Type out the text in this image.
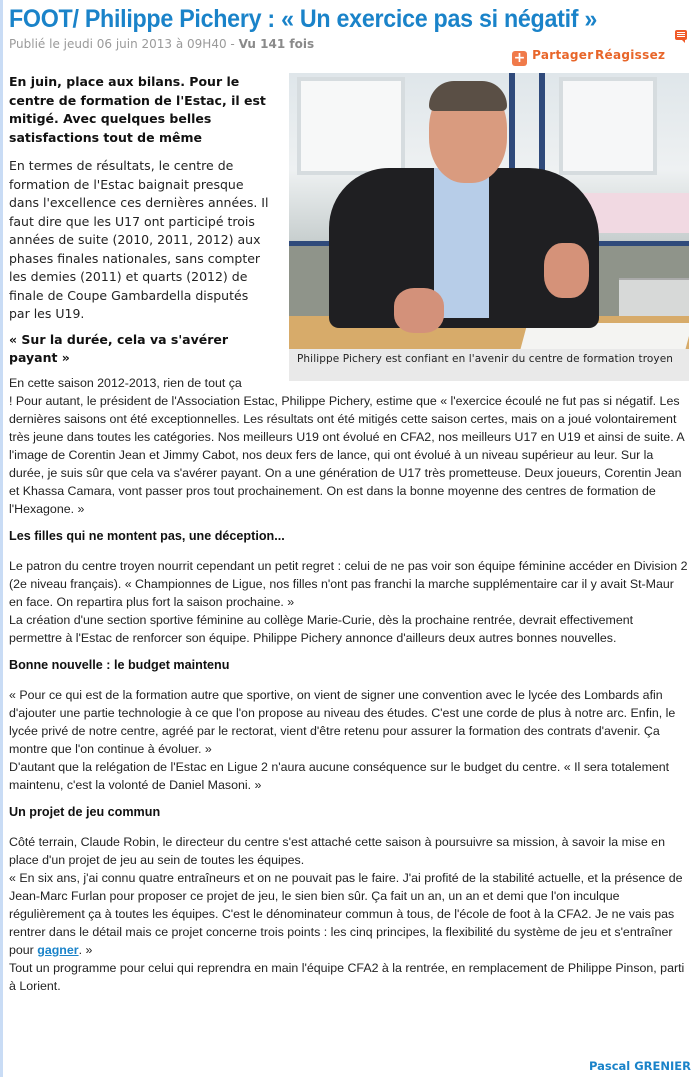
FOOT/ Philippe Pichery : « Un exercice pas si négatif »
Publié le jeudi 06 juin 2013 à 09H40 - Vu 141 fois
+ Partager Réagissez
Philippe Pichery est confiant en l'avenir du centre de formation troyen

En juin, place aux bilans. Pour le centre de formation de l'Estac, il est mitigé. Avec quelques belles satisfactions tout de même

En termes de résultats, le centre de formation de l'Estac baignait presque dans l'excellence ces dernières années. Il faut dire que les U17 ont participé trois années de suite (2010, 2011, 2012) aux phases finales nationales, sans compter les demies (2011) et quarts (2012) de finale de Coupe Gambardella disputés par les U19.

« Sur la durée, cela va s'avérer payant »

En cette saison 2012-2013, rien de tout ça

! Pour autant, le président de l'Association Estac, Philippe Pichery, estime que « l'exercice écoulé ne fut pas si négatif. Les dernières saisons ont été exceptionnelles. Les résultats ont été mitigés cette saison certes, mais on a joué volontairement très jeune dans toutes les catégories. Nos meilleurs U19 ont évolué en CFA2, nos meilleurs U17 en U19 et ainsi de suite. A l'image de Corentin Jean et Jimmy Cabot, nos deux fers de lance, qui ont évolué à un niveau supérieur au leur. Sur la durée, je suis sûr que cela va s'avérer payant. On a une génération de U17 très prometteuse. Deux joueurs, Corentin Jean et Khassa Camara, vont passer pros tout prochainement. On est dans la bonne moyenne des centres de formation de l'Hexagone. »

Les filles qui ne montent pas, une déception...

Le patron du centre troyen nourrit cependant un petit regret : celui de ne pas voir son équipe féminine accéder en Division 2 (2e niveau français). « Championnes de Ligue, nos filles n'ont pas franchi la marche supplémentaire car il y avait St-Maur en face. On repartira plus fort la saison prochaine. »

La création d'une section sportive féminine au collège Marie-Curie, dès la prochaine rentrée, devrait effectivement permettre à l'Estac de renforcer son équipe. Philippe Pichery annonce d'ailleurs deux autres bonnes nouvelles.

Bonne nouvelle : le budget maintenu

« Pour ce qui est de la formation autre que sportive, on vient de signer une convention avec le lycée des Lombards afin d'ajouter une partie technologie à ce que l'on propose au niveau des études. C'est une corde de plus à notre arc. Enfin, le lycée privé de notre centre, agréé par le rectorat, vient d'être retenu pour assurer la formation des contrats d'avenir. Ça montre que l'on continue à évoluer. »

D'autant que la relégation de l'Estac en Ligue 2 n'aura aucune conséquence sur le budget du centre. « Il sera totalement maintenu, c'est la volonté de Daniel Masoni. »

Un projet de jeu commun

Côté terrain, Claude Robin, le directeur du centre s'est attaché cette saison à poursuivre sa mission, à savoir la mise en place d'un projet de jeu au sein de toutes les équipes.

« En six ans, j'ai connu quatre entraîneurs et on ne pouvait pas le faire. J'ai profité de la stabilité actuelle, et la présence de Jean-Marc Furlan pour proposer ce projet de jeu, le sien bien sûr. Ça fait un an, un an et demi que l'on inculque régulièrement ça à toutes les équipes. C'est le dénominateur commun à tous, de l'école de foot à la CFA2. Je ne vais pas rentrer dans le détail mais ce projet concerne trois points : les cinq principes, la flexibilité du système de jeu et s'entraîner pour gagner. »

Tout un programme pour celui qui reprendra en main l'équipe CFA2 à la rentrée, en remplacement de Philippe Pinson, parti à Lorient.

Pascal GRENIER
